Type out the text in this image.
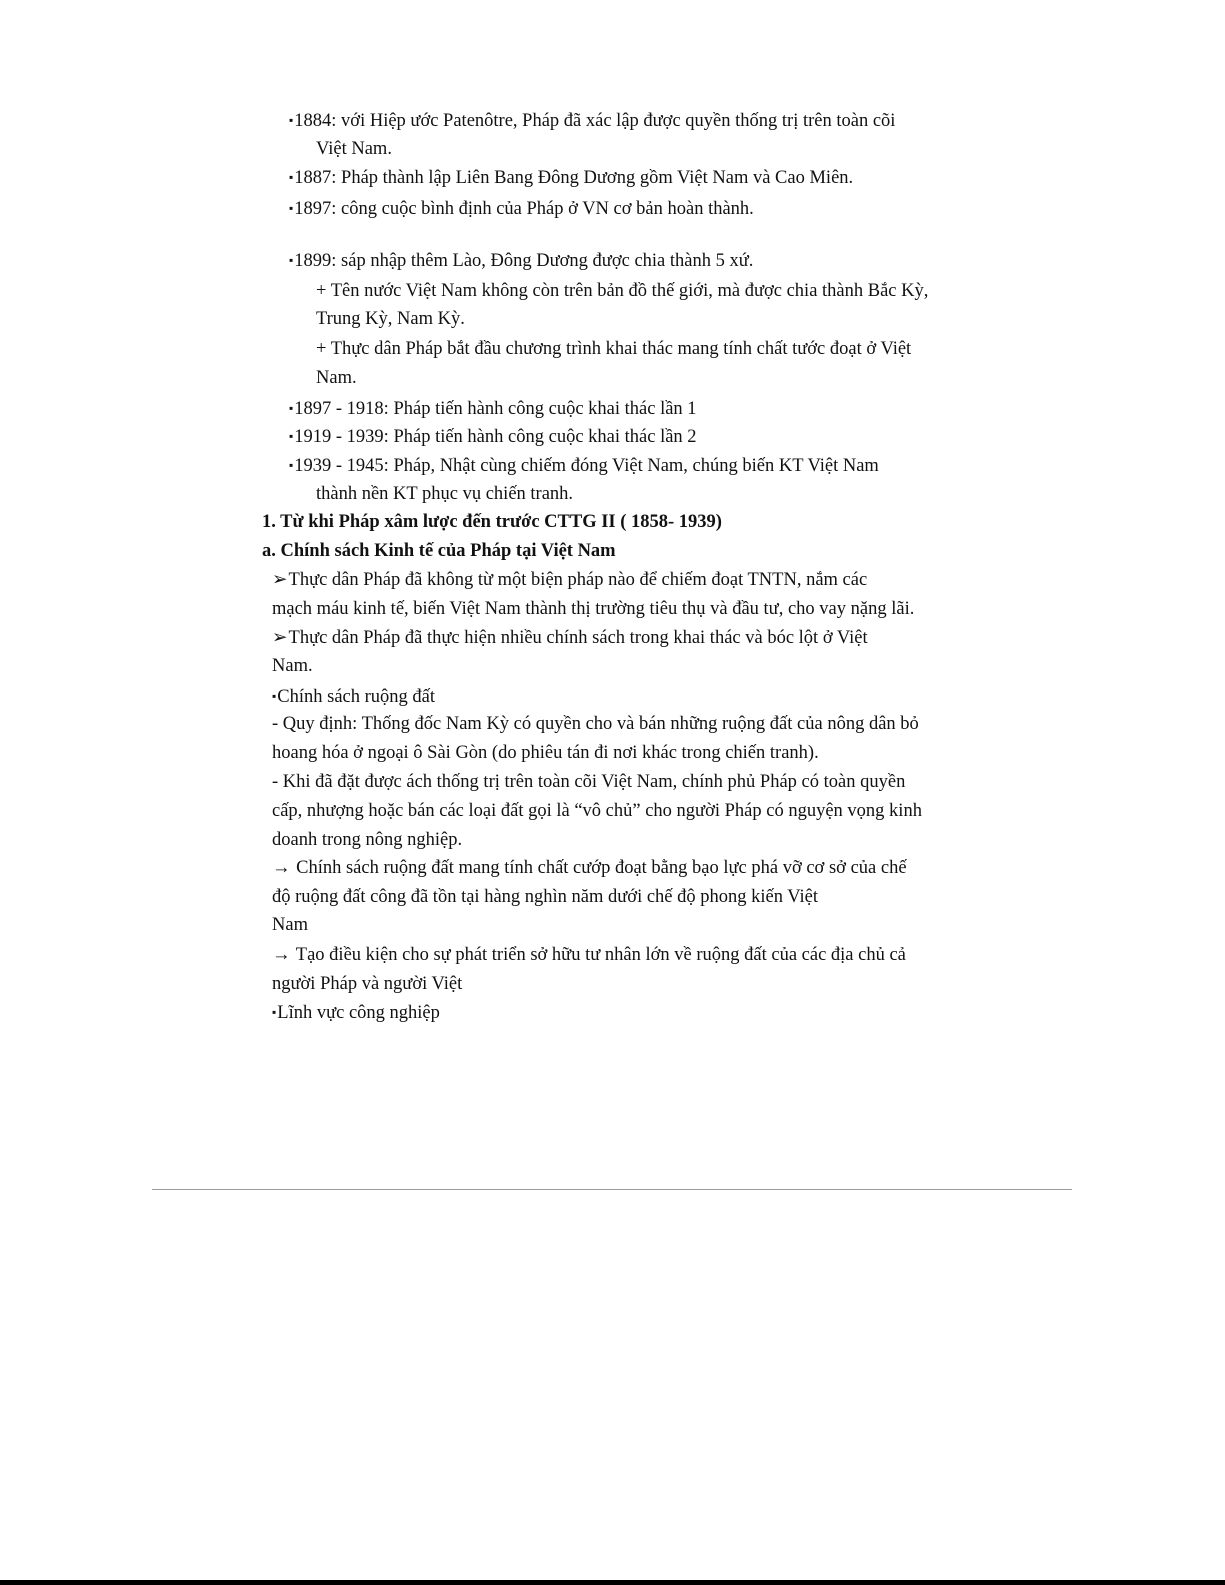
▪1884: với Hiệp ước Patenôtre, Pháp đã xác lập được quyền thống trị trên toàn cõi
Việt Nam.
▪1887: Pháp thành lập Liên Bang Đông Dương gồm Việt Nam và Cao Miên.
▪1897: công cuộc bình định của Pháp ở VN cơ bản hoàn thành.
▪1899: sáp nhập thêm Lào, Đông Dương được chia thành 5 xứ.
+ Tên nước Việt Nam không còn trên bản đồ thế giới, mà được chia thành Bắc Kỳ,
Trung Kỳ, Nam Kỳ.
+ Thực dân Pháp bắt đầu chương trình khai thác mang tính chất tước đoạt ở Việt
Nam.
▪1897 - 1918: Pháp tiến hành công cuộc khai thác lần 1
▪1919 - 1939: Pháp tiến hành công cuộc khai thác lần 2
▪1939 - 1945: Pháp, Nhật cùng chiếm đóng Việt Nam, chúng biến KT Việt Nam
thành nền KT phục vụ chiến tranh.
1. Từ khi Pháp xâm lược đến trước CTTG II ( 1858- 1939)
a. Chính sách Kinh tế của Pháp tại Việt Nam
➢Thực dân Pháp đã không từ một biện pháp nào để chiếm đoạt TNTN, nắm các
mạch máu kinh tế, biến Việt Nam thành thị trường tiêu thụ và đầu tư, cho vay nặng lãi.
➢Thực dân Pháp đã thực hiện nhiều chính sách trong khai thác và bóc lột ở Việt
Nam.
▪Chính sách ruộng đất
- Quy định: Thống đốc Nam Kỳ có quyền cho và bán những ruộng đất của nông dân bỏ
hoang hóa ở ngoại ô Sài Gòn (do phiêu tán đi nơi khác trong chiến tranh).
- Khi đã đặt được ách thống trị trên toàn cõi Việt Nam, chính phủ Pháp có toàn quyền
cấp, nhượng hoặc bán các loại đất gọi là “vô chủ” cho người Pháp có nguyện vọng kinh
doanh trong nông nghiệp.
→ Chính sách ruộng đất mang tính chất cướp đoạt bằng bạo lực phá vỡ cơ sở của chế
độ ruộng đất công đã tồn tại hàng nghìn năm dưới chế độ phong kiến Việt
Nam
→ Tạo điều kiện cho sự phát triển sở hữu tư nhân lớn về ruộng đất của các địa chủ cả
người Pháp và người Việt
▪Lĩnh vực công nghiệp
